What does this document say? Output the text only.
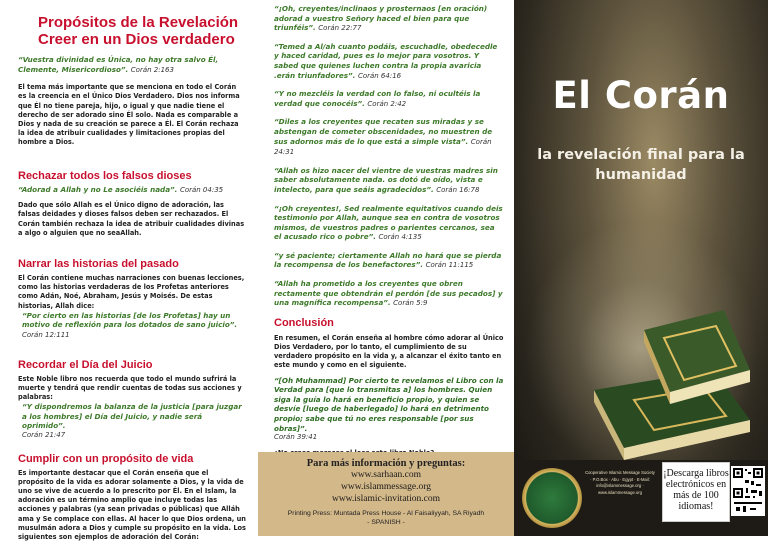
Propósitos de la Revelación Creer en un Dios verdadero

“Vuestra divinidad es Única, no hay otra salvo Él, Clemente, Misericordioso”. Corán 2:163

El tema más importante que se menciona en todo el Corán es la creencia en el Único Dios Verdadero. Dios nos informa que Él no tiene pareja, hijo, o igual y que nadie tiene el derecho de ser adorado sino Él solo. Nada es comparable a Dios y nada de su creación se parece a Él. El Corán rechaza la idea de atribuir cualidades y limitaciones propias del hombre a Dios.

Rechazar todos los falsos dioses

“Adorad a Allah y no Le asociéis nada”. Corán 04:35

Dado que sólo Allah es el Único digno de adoración, las falsas deidades y dioses falsos deben ser rechazados. El Corán también rechaza la idea de atribuir cualidades divinas a algo o alguien que no seaAllah.

Narrar las historias del pasado

El Corán contiene muchas narraciones con buenas lecciones, como las historias verdaderas de los Profetas anteriores como Adán, Noé, Abraham, Jesús y Moisés. De estas historias, Allah dice:

“Por cierto en las historias [de los Profetas] hay un motivo de reflexión para los dotados de sano juicio”. Corán 12:111

Recordar el Día del Juicio

Este Noble libro nos recuerda que todo el mundo sufrirá la muerte y tendrá que rendir cuentas de todas sus acciones y palabras:

“Y dispondremos la balanza de la justicia [para juzgar a los hombres] el Día del Juicio, y nadie será oprimido”.
Corán 21:47

Cumplir con un propósito de vida

Es importante destacar que el Corán enseña que el propósito de la vida es adorar solamente a Dios, y la vida de uno se vive de acuerdo a lo prescrito por Él. En el Islam, la adoración es un término amplio que incluye todas las acciones y palabras (ya sean privadas o públicas) que Alláh ama y Se complace con ellas. Al hacer lo que Dios ordena, un musulmán adora a Dios y cumple su propósito en la vida. Los siguientes son ejemplos de adoración del Corán:

“¡Oh, creyentes/inclinaos y prosternaos [en oración) adorad a vuestro Señory haced el bien para que triunféis”. Corán 22:77

“Temed a Al/ah cuanto podáis, escuchadle, obedecedle y haced caridad, pues es lo mejor para vosotros. Y sabed que quienes luchen contra la propia avaricia .erán triunfadores”. Corán 64:16

“Y no mezcléis la verdad con lo falso, ni ocultéis la verdad que conocéis”. Corán 2:42

“Diles a los creyentes que recaten sus miradas y se abstengan de cometer obscenidades, no muestren de sus adornos más de lo que está a simple vista”. Corán 24:31

“Allah os hizo nacer del vientre de vuestras madres sin saber absolutamente nada. os dotó de oído, vista e intelecto, para que seáis agradecidos”. Corán 16:78

“¡Oh creyentes!, Sed realmente equitativos cuando deis testimonio por Allah, aunque sea en contra de vosotros mismos, de vuestros padres o parientes cercanos, sea el acusado rico o pobre”. Corán 4:135

“y sé paciente; ciertamente Allah no hará que se pierda la recompensa de los benefactores”. Corán 11:115

“Allah ha prometido a los creyentes que obren rectamente que obtendrán el perdón [de sus pecados] y una magnífica recompensa”. Corán 5:9

Conclusión

En resumen, el Corán enseña al hombre cómo adorar al Único Dios Verdadero, por lo tanto, el cumplimiento de su verdadero propósito en la vida y, a alcanzar el éxito tanto en este mundo y como en el siguiente.

“[Oh Muhammad] Por cierto te revelamos el Libro con la Verdad para [que lo transmitas a] los hombres. Quien siga la guía lo hará en beneficio propio, y quien se desvíe [luego de haberlegado] lo hará en detrimento propio; sabe que tú no eres responsable [por sus obras]”.
Corán 39:41

Para más información y preguntas:
www.sarhaan.com
www.islammessage.org
www.islamic-invitation.com
Printing Press: Muntada Press House - Al Faisaliyyah, SA Riyadh
- SPANISH -
El Corán
la revelación final para la humanidad
Cooperative Islamic Message Society · P.O.Box · Abu · Egypt · E-Mail: info@islammessage.org · www.islammessage.org
¡Descarga libros electrónicos en más de 100 idiomas!
